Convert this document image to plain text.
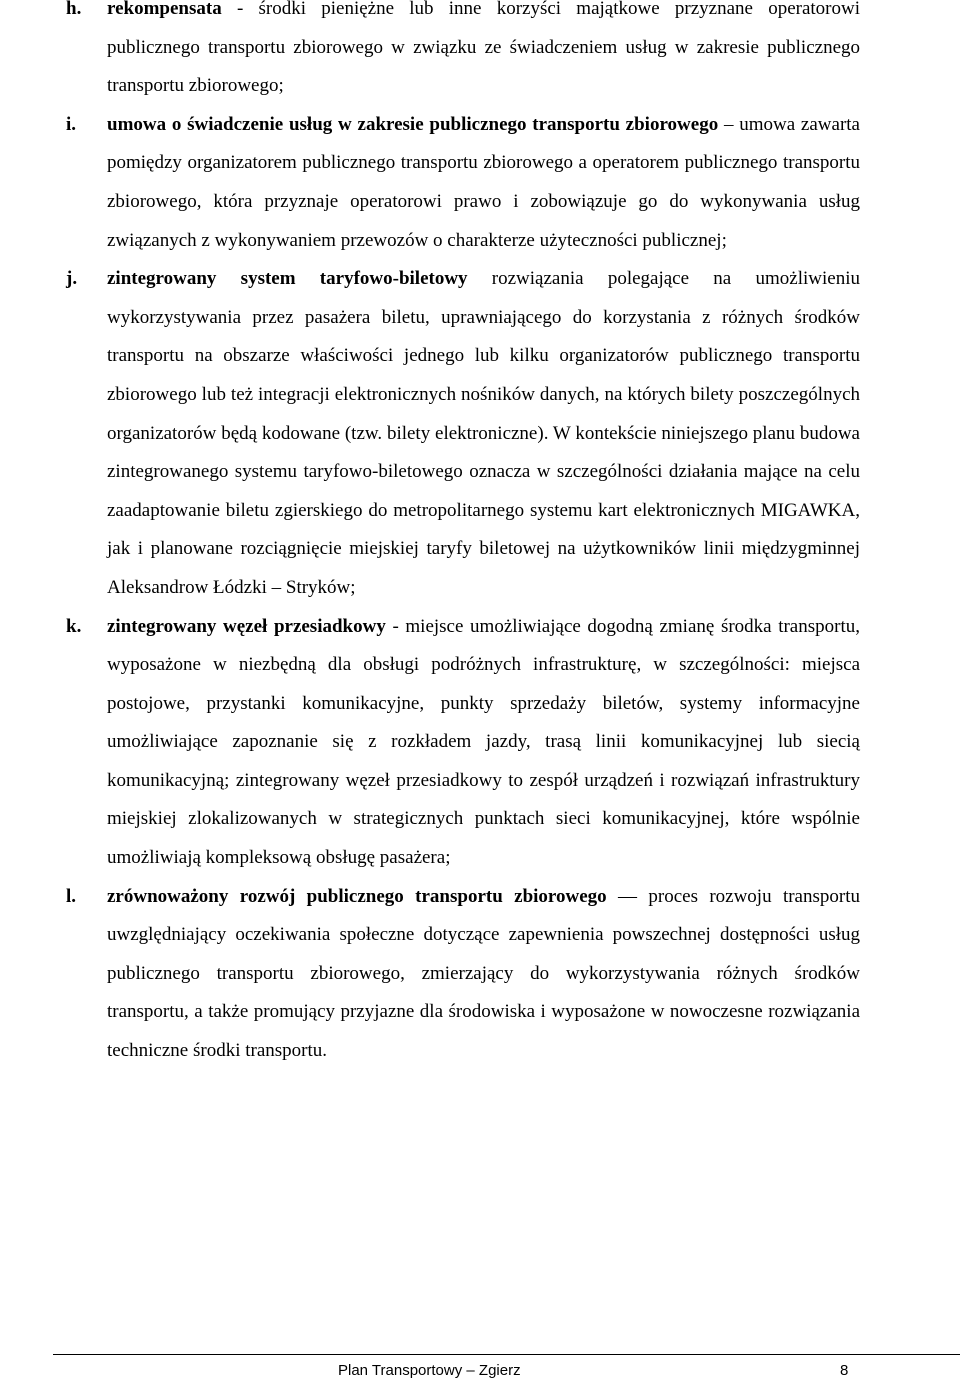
h. rekompensata - środki pieniężne lub inne korzyści majątkowe przyznane operatorowi publicznego transportu zbiorowego w związku ze świadczeniem usług w zakresie publicznego transportu zbiorowego;
i. umowa o świadczenie usług w zakresie publicznego transportu zbiorowego – umowa zawarta pomiędzy organizatorem publicznego transportu zbiorowego a operatorem publicznego transportu zbiorowego, która przyznaje operatorowi prawo i zobowiązuje go do wykonywania usług związanych z wykonywaniem przewozów o charakterze użyteczności publicznej;
j. zintegrowany system taryfowo-biletowy rozwiązania polegające na umożliwieniu wykorzystywania przez pasażera biletu, uprawniającego do korzystania z różnych środków transportu na obszarze właściwości jednego lub kilku organizatorów publicznego transportu zbiorowego lub też integracji elektronicznych nośników danych, na których bilety poszczególnych organizatorów będą kodowane (tzw. bilety elektroniczne). W kontekście niniejszego planu budowa zintegrowanego systemu taryfowo-biletowego oznacza w szczególności działania mające na celu zaadaptowanie biletu zgierskiego do metropolitarnego systemu kart elektronicznych MIGAWKA, jak i planowane rozciągnięcie miejskiej taryfy biletowej na użytkowników linii międzygminnej Aleksandrow Łódzki – Stryków;
k. zintegrowany węzeł przesiadkowy - miejsce umożliwiające dogodną zmianę środka transportu, wyposażone w niezbędną dla obsługi podróżnych infrastrukturę, w szczególności: miejsca postojowe, przystanki komunikacyjne, punkty sprzedaży biletów, systemy informacyjne umożliwiające zapoznanie się z rozkładem jazdy, trasą linii komunikacyjnej lub siecią komunikacyjną; zintegrowany węzeł przesiadkowy to zespół urządzeń i rozwiązań infrastruktury miejskiej zlokalizowanych w strategicznych punktach sieci komunikacyjnej, które wspólnie umożliwiają kompleksową obsługę pasażera;
l. zrównoważony rozwój publicznego transportu zbiorowego — proces rozwoju transportu uwzględniający oczekiwania społeczne dotyczące zapewnienia powszechnej dostępności usług publicznego transportu zbiorowego, zmierzający do wykorzystywania różnych środków transportu, a także promujący przyjazne dla środowiska i wyposażone w nowoczesne rozwiązania techniczne środki transportu.
Plan Transportowy – Zgierz	8
